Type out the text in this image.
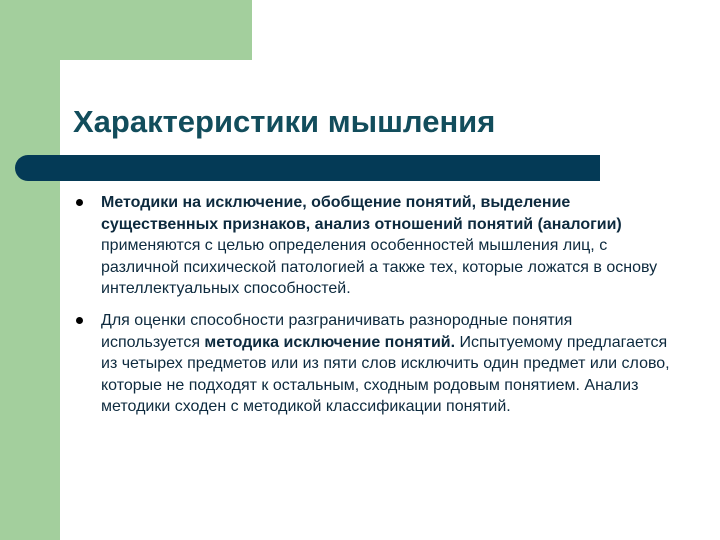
Характеристики мышления
Методики на исключение, обобщение понятий, выделение существенных признаков, анализ отношений понятий (аналогии) применяются с целью определения особенностей мышления лиц, с различной психической патологией а также тех, которые ложатся в основу интеллектуальных способностей.
Для оценки способности разграничивать разнородные понятия используется методика исключение понятий. Испытуемому предлагается из четырех предметов или из пяти слов исключить один предмет или слово, которые не подходят к остальным, сходным родовым понятием. Анализ методики сходен с методикой классификации понятий.
